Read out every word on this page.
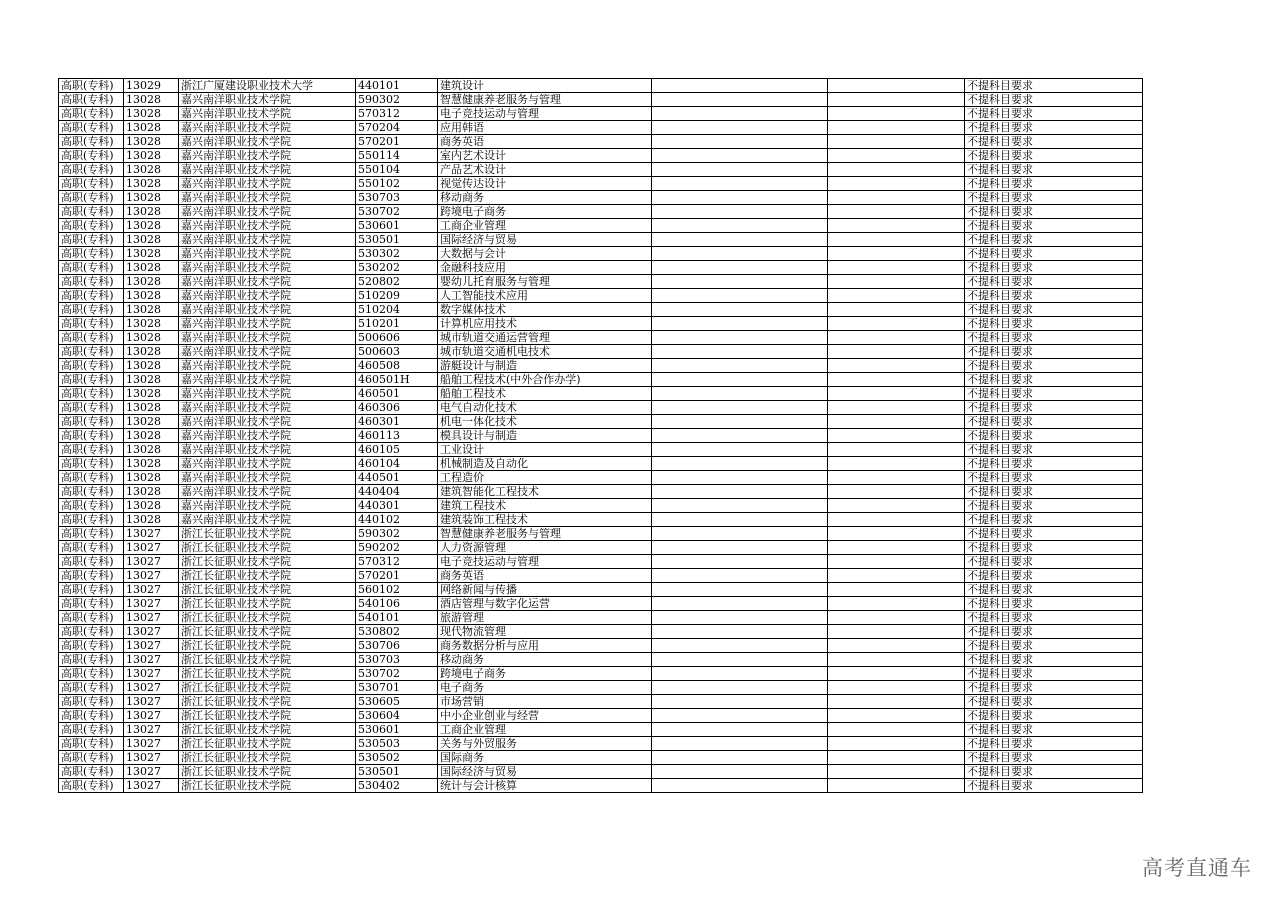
高职(专科)	13029	浙江广厦建设职业技术大学	440101	建筑设计			不提科目要求
高职(专科)	13028	嘉兴南洋职业技术学院	590302	智慧健康养老服务与管理			不提科目要求
高职(专科)	13028	嘉兴南洋职业技术学院	570312	电子竞技运动与管理			不提科目要求
高职(专科)	13028	嘉兴南洋职业技术学院	570204	应用韩语			不提科目要求
高职(专科)	13028	嘉兴南洋职业技术学院	570201	商务英语			不提科目要求
高职(专科)	13028	嘉兴南洋职业技术学院	550114	室内艺术设计			不提科目要求
高职(专科)	13028	嘉兴南洋职业技术学院	550104	产品艺术设计			不提科目要求
高职(专科)	13028	嘉兴南洋职业技术学院	550102	视觉传达设计			不提科目要求
高职(专科)	13028	嘉兴南洋职业技术学院	530703	移动商务			不提科目要求
高职(专科)	13028	嘉兴南洋职业技术学院	530702	跨境电子商务			不提科目要求
高职(专科)	13028	嘉兴南洋职业技术学院	530601	工商企业管理			不提科目要求
高职(专科)	13028	嘉兴南洋职业技术学院	530501	国际经济与贸易			不提科目要求
高职(专科)	13028	嘉兴南洋职业技术学院	530302	大数据与会计			不提科目要求
高职(专科)	13028	嘉兴南洋职业技术学院	530202	金融科技应用			不提科目要求
高职(专科)	13028	嘉兴南洋职业技术学院	520802	婴幼儿托育服务与管理			不提科目要求
高职(专科)	13028	嘉兴南洋职业技术学院	510209	人工智能技术应用			不提科目要求
高职(专科)	13028	嘉兴南洋职业技术学院	510204	数字媒体技术			不提科目要求
高职(专科)	13028	嘉兴南洋职业技术学院	510201	计算机应用技术			不提科目要求
高职(专科)	13028	嘉兴南洋职业技术学院	500606	城市轨道交通运营管理			不提科目要求
高职(专科)	13028	嘉兴南洋职业技术学院	500603	城市轨道交通机电技术			不提科目要求
高职(专科)	13028	嘉兴南洋职业技术学院	460508	游艇设计与制造			不提科目要求
高职(专科)	13028	嘉兴南洋职业技术学院	460501H	船舶工程技术(中外合作办学)			不提科目要求
高职(专科)	13028	嘉兴南洋职业技术学院	460501	船舶工程技术			不提科目要求
高职(专科)	13028	嘉兴南洋职业技术学院	460306	电气自动化技术			不提科目要求
高职(专科)	13028	嘉兴南洋职业技术学院	460301	机电一体化技术			不提科目要求
高职(专科)	13028	嘉兴南洋职业技术学院	460113	模具设计与制造			不提科目要求
高职(专科)	13028	嘉兴南洋职业技术学院	460105	工业设计			不提科目要求
高职(专科)	13028	嘉兴南洋职业技术学院	460104	机械制造及自动化			不提科目要求
高职(专科)	13028	嘉兴南洋职业技术学院	440501	工程造价			不提科目要求
高职(专科)	13028	嘉兴南洋职业技术学院	440404	建筑智能化工程技术			不提科目要求
高职(专科)	13028	嘉兴南洋职业技术学院	440301	建筑工程技术			不提科目要求
高职(专科)	13028	嘉兴南洋职业技术学院	440102	建筑装饰工程技术			不提科目要求
高职(专科)	13027	浙江长征职业技术学院	590302	智慧健康养老服务与管理			不提科目要求
高职(专科)	13027	浙江长征职业技术学院	590202	人力资源管理			不提科目要求
高职(专科)	13027	浙江长征职业技术学院	570312	电子竞技运动与管理			不提科目要求
高职(专科)	13027	浙江长征职业技术学院	570201	商务英语			不提科目要求
高职(专科)	13027	浙江长征职业技术学院	560102	网络新闻与传播			不提科目要求
高职(专科)	13027	浙江长征职业技术学院	540106	酒店管理与数字化运营			不提科目要求
高职(专科)	13027	浙江长征职业技术学院	540101	旅游管理			不提科目要求
高职(专科)	13027	浙江长征职业技术学院	530802	现代物流管理			不提科目要求
高职(专科)	13027	浙江长征职业技术学院	530706	商务数据分析与应用			不提科目要求
高职(专科)	13027	浙江长征职业技术学院	530703	移动商务			不提科目要求
高职(专科)	13027	浙江长征职业技术学院	530702	跨境电子商务			不提科目要求
高职(专科)	13027	浙江长征职业技术学院	530701	电子商务			不提科目要求
高职(专科)	13027	浙江长征职业技术学院	530605	市场营销			不提科目要求
高职(专科)	13027	浙江长征职业技术学院	530604	中小企业创业与经营			不提科目要求
高职(专科)	13027	浙江长征职业技术学院	530601	工商企业管理			不提科目要求
高职(专科)	13027	浙江长征职业技术学院	530503	关务与外贸服务			不提科目要求
高职(专科)	13027	浙江长征职业技术学院	530502	国际商务			不提科目要求
高职(专科)	13027	浙江长征职业技术学院	530501	国际经济与贸易			不提科目要求
高职(专科)	13027	浙江长征职业技术学院	530402	统计与会计核算			不提科目要求
高考直通车
